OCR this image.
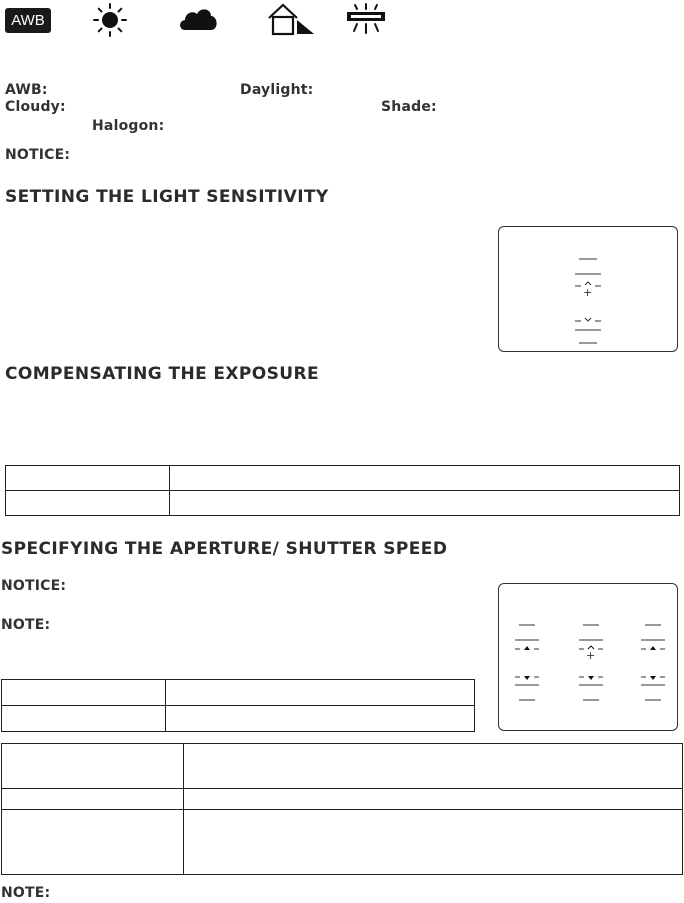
AWB
AWB:	Daylight:
Cloudy:	Shade:
Halogon:
NOTICE:
SETTING THE LIGHT SENSITIVITY
+
COMPENSATING THE EXPOSURE

SPECIFYING THE APERTURE/ SHUTTER SPEED
NOTICE:
NOTE:
+

NOTE:
